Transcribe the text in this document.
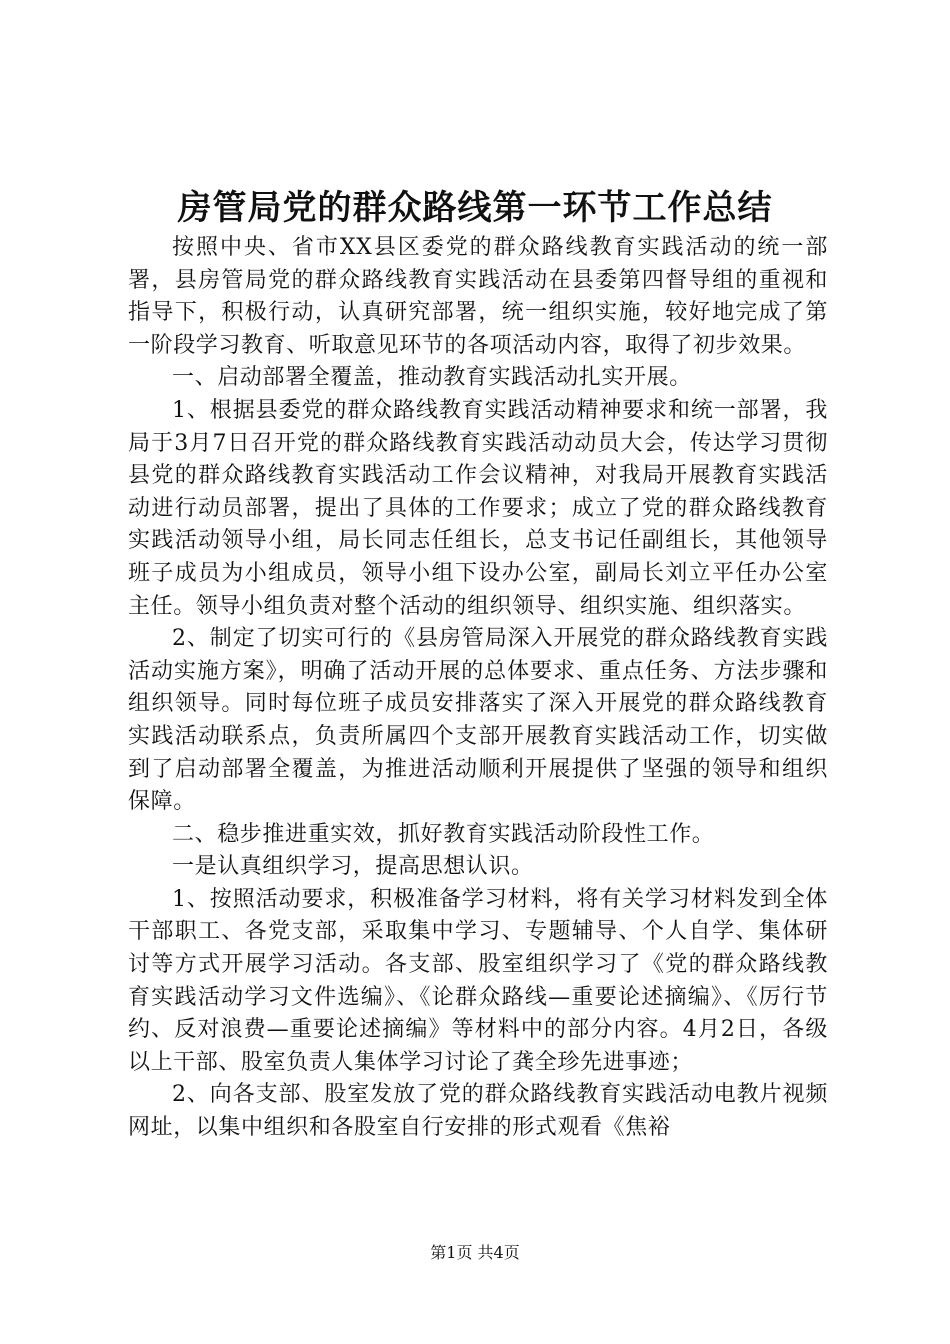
房管局党的群众路线第一环节工作总结

按照中央、省市XX县区委党的群众路线教育实践活动的统一部署，县房管局党的群众路线教育实践活动在县委第四督导组的重视和指导下，积极行动，认真研究部署，统一组织实施，较好地完成了第一阶段学习教育、听取意见环节的各项活动内容，取得了初步效果。

一、启动部署全覆盖，推动教育实践活动扎实开展。

1、根据县委党的群众路线教育实践活动精神要求和统一部署，我局于3月7日召开党的群众路线教育实践活动动员大会，传达学习贯彻县党的群众路线教育实践活动工作会议精神，对我局开展教育实践活动进行动员部署，提出了具体的工作要求；成立了党的群众路线教育实践活动领导小组，局长同志任组长，总支书记任副组长，其他领导班子成员为小组成员，领导小组下设办公室，副局长刘立平任办公室主任。领导小组负责对整个活动的组织领导、组织实施、组织落实。

2、制定了切实可行的《县房管局深入开展党的群众路线教育实践活动实施方案》，明确了活动开展的总体要求、重点任务、方法步骤和组织领导。同时每位班子成员安排落实了深入开展党的群众路线教育实践活动联系点，负责所属四个支部开展教育实践活动工作，切实做到了启动部署全覆盖，为推进活动顺利开展提供了坚强的领导和组织保障。

二、稳步推进重实效，抓好教育实践活动阶段性工作。

一是认真组织学习，提高思想认识。

1、按照活动要求，积极准备学习材料，将有关学习材料发到全体干部职工、各党支部，采取集中学习、专题辅导、个人自学、集体研讨等方式开展学习活动。各支部、股室组织学习了《党的群众路线教育实践活动学习文件选编》、《论群众路线—重要论述摘编》、《厉行节约、反对浪费—重要论述摘编》等材料中的部分内容。4月2日，各级以上干部、股室负责人集体学习讨论了龚全珍先进事迹；

2、向各支部、股室发放了党的群众路线教育实践活动电教片视频网址，以集中组织和各股室自行安排的形式观看《焦裕

第1页 共4页
